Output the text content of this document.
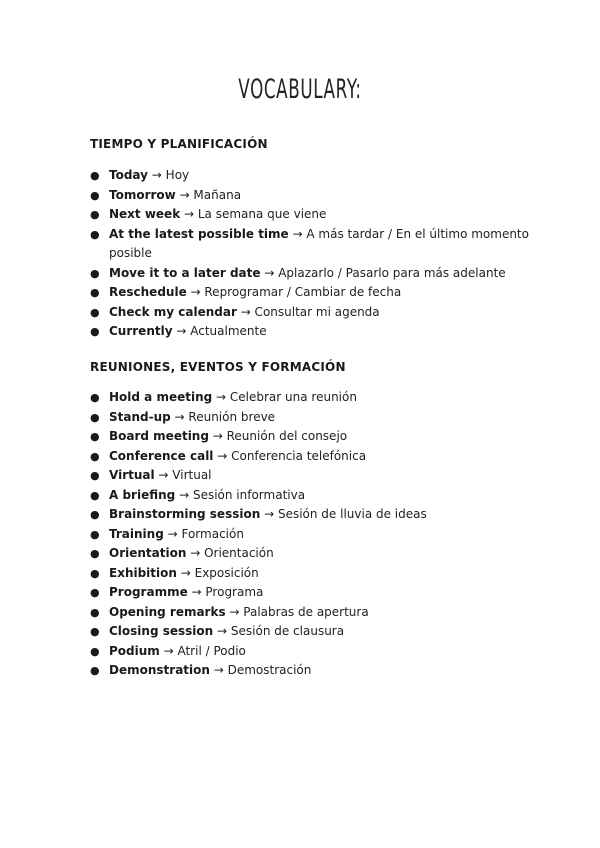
VOCABULARY:
TIEMPO Y PLANIFICACIÓN
● Today → Hoy
● Tomorrow → Mañana
● Next week → La semana que viene
● At the latest possible time → A más tardar / En el último momento posible
● Move it to a later date → Aplazarlo / Pasarlo para más adelante
● Reschedule → Reprogramar / Cambiar de fecha
● Check my calendar → Consultar mi agenda
● Currently → Actualmente
REUNIONES, EVENTOS Y FORMACIÓN
● Hold a meeting → Celebrar una reunión
● Stand-up → Reunión breve
● Board meeting → Reunión del consejo
● Conference call → Conferencia telefónica
● Virtual → Virtual
● A briefing → Sesión informativa
● Brainstorming session → Sesión de lluvia de ideas
● Training → Formación
● Orientation → Orientación
● Exhibition → Exposición
● Programme → Programa
● Opening remarks → Palabras de apertura
● Closing session → Sesión de clausura
● Podium → Atril / Podio
● Demonstration → Demostración
